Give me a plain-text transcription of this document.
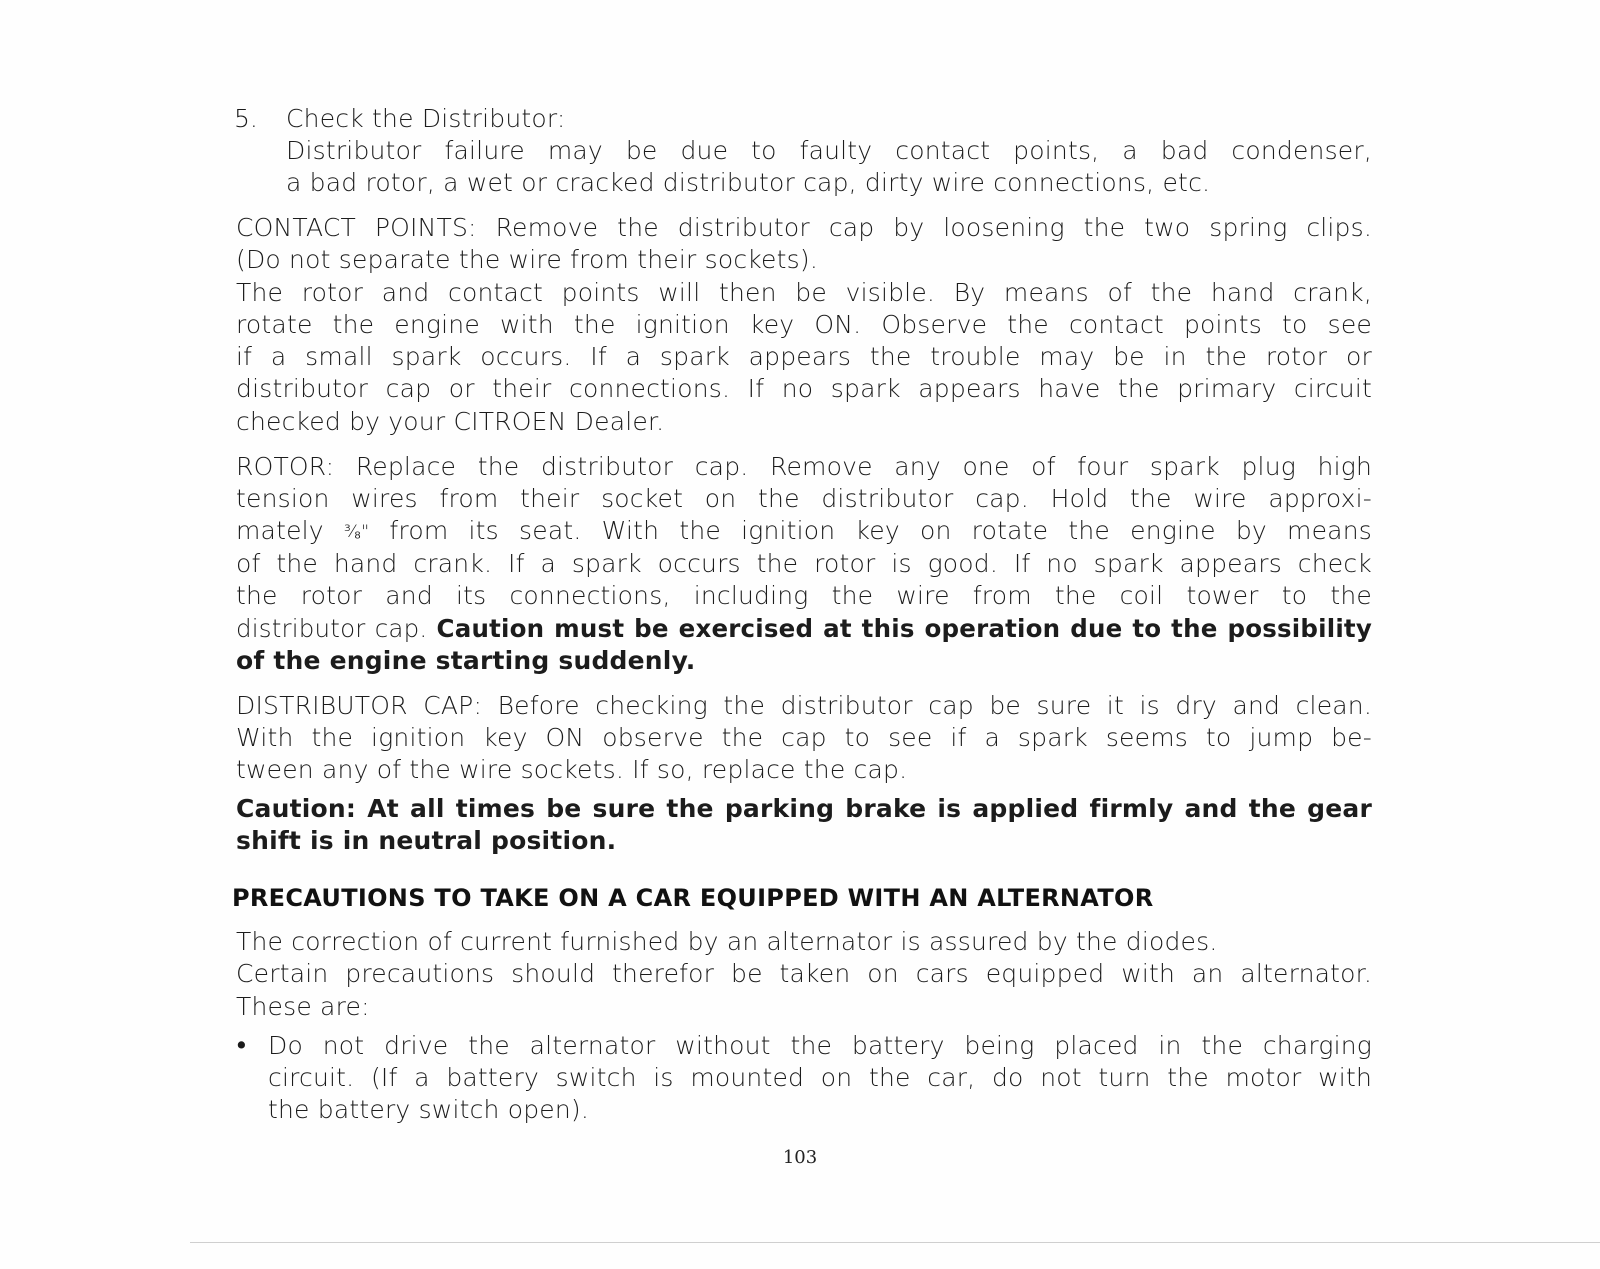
5. Check the Distributor:
Distributor failure may be due to faulty contact points, a bad condenser,
a bad rotor, a wet or cracked distributor cap, dirty wire connections, etc.
CONTACT POINTS: Remove the distributor cap by loosening the two spring clips.
(Do not separate the wire from their sockets).
The rotor and contact points will then be visible. By means of the hand crank,
rotate the engine with the ignition key ON. Observe the contact points to see
if a small spark occurs. If a spark appears the trouble may be in the rotor or
distributor cap or their connections. If no spark appears have the primary circuit
checked by your CITROEN Dealer.
ROTOR: Replace the distributor cap. Remove any one of four spark plug high
tension wires from their socket on the distributor cap. Hold the wire approxi-
mately ³⁄₈" from its seat. With the ignition key on rotate the engine by means
of the hand crank. If a spark occurs the rotor is good. If no spark appears check
the rotor and its connections, including the wire from the coil tower to the
distributor cap. Caution must be exercised at this operation due to the possibility
of the engine starting suddenly.
DISTRIBUTOR CAP: Before checking the distributor cap be sure it is dry and clean.
With the ignition key ON observe the cap to see if a spark seems to jump be-
tween any of the wire sockets. If so, replace the cap.
Caution: At all times be sure the parking brake is applied firmly and the gear
shift is in neutral position.
PRECAUTIONS TO TAKE ON A CAR EQUIPPED WITH AN ALTERNATOR
The correction of current furnished by an alternator is assured by the diodes.
Certain precautions should therefor be taken on cars equipped with an alternator.
These are:
• Do not drive the alternator without the battery being placed in the charging
circuit. (If a battery switch is mounted on the car, do not turn the motor with
the battery switch open).
103
